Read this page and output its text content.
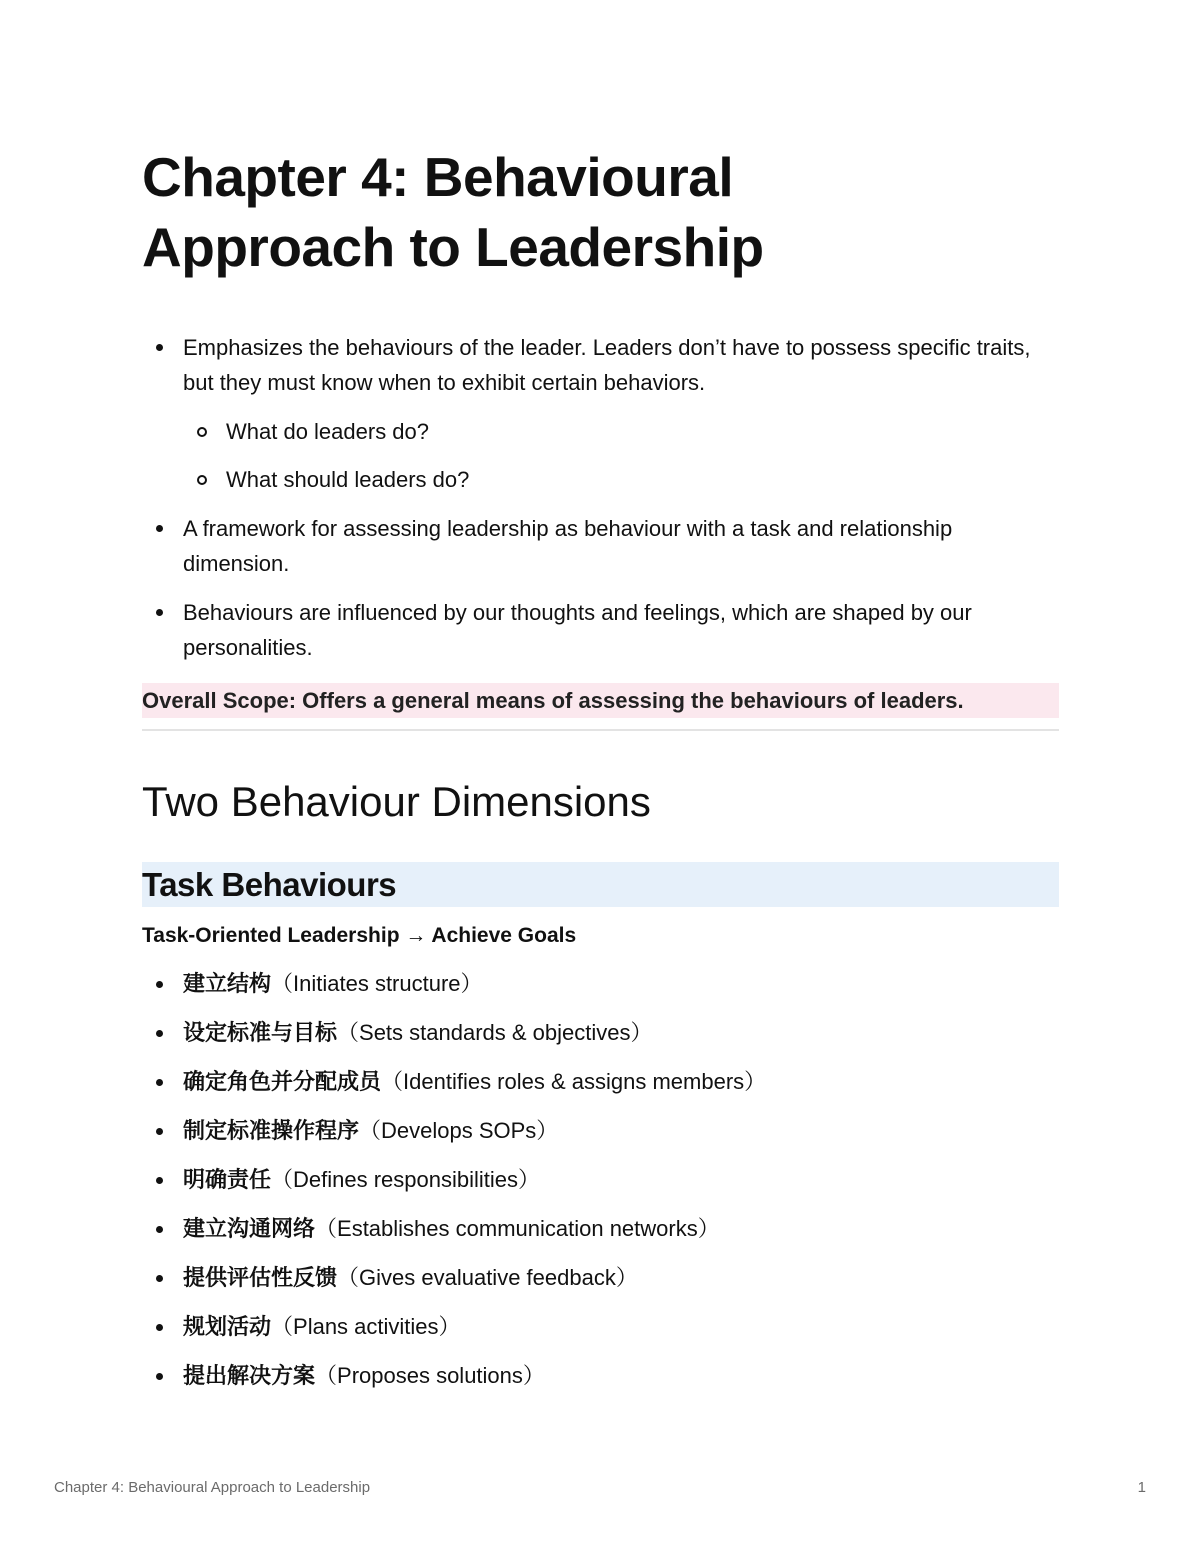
Chapter 4: Behavioural
Approach to Leadership
Emphasizes the behaviours of the leader. Leaders don’t have to possess specific traits, but they must know when to exhibit certain behaviors.
What do leaders do?
What should leaders do?
A framework for assessing leadership as behaviour with a task and relationship dimension.
Behaviours are influenced by our thoughts and feelings, which are shaped by our personalities.
Overall Scope: Offers a general means of assessing the behaviours of leaders.
Two Behaviour Dimensions
Task Behaviours
Task-Oriented Leadership → Achieve Goals
建立结构（Initiates structure）
设定标准与目标（Sets standards & objectives）
确定角色并分配成员（Identifies roles & assigns members）
制定标准操作程序（Develops SOPs）
明确责任（Defines responsibilities）
建立沟通网络（Establishes communication networks）
提供评估性反馈（Gives evaluative feedback）
规划活动（Plans activities）
提出解决方案（Proposes solutions）
Chapter 4: Behavioural Approach to Leadership	1
